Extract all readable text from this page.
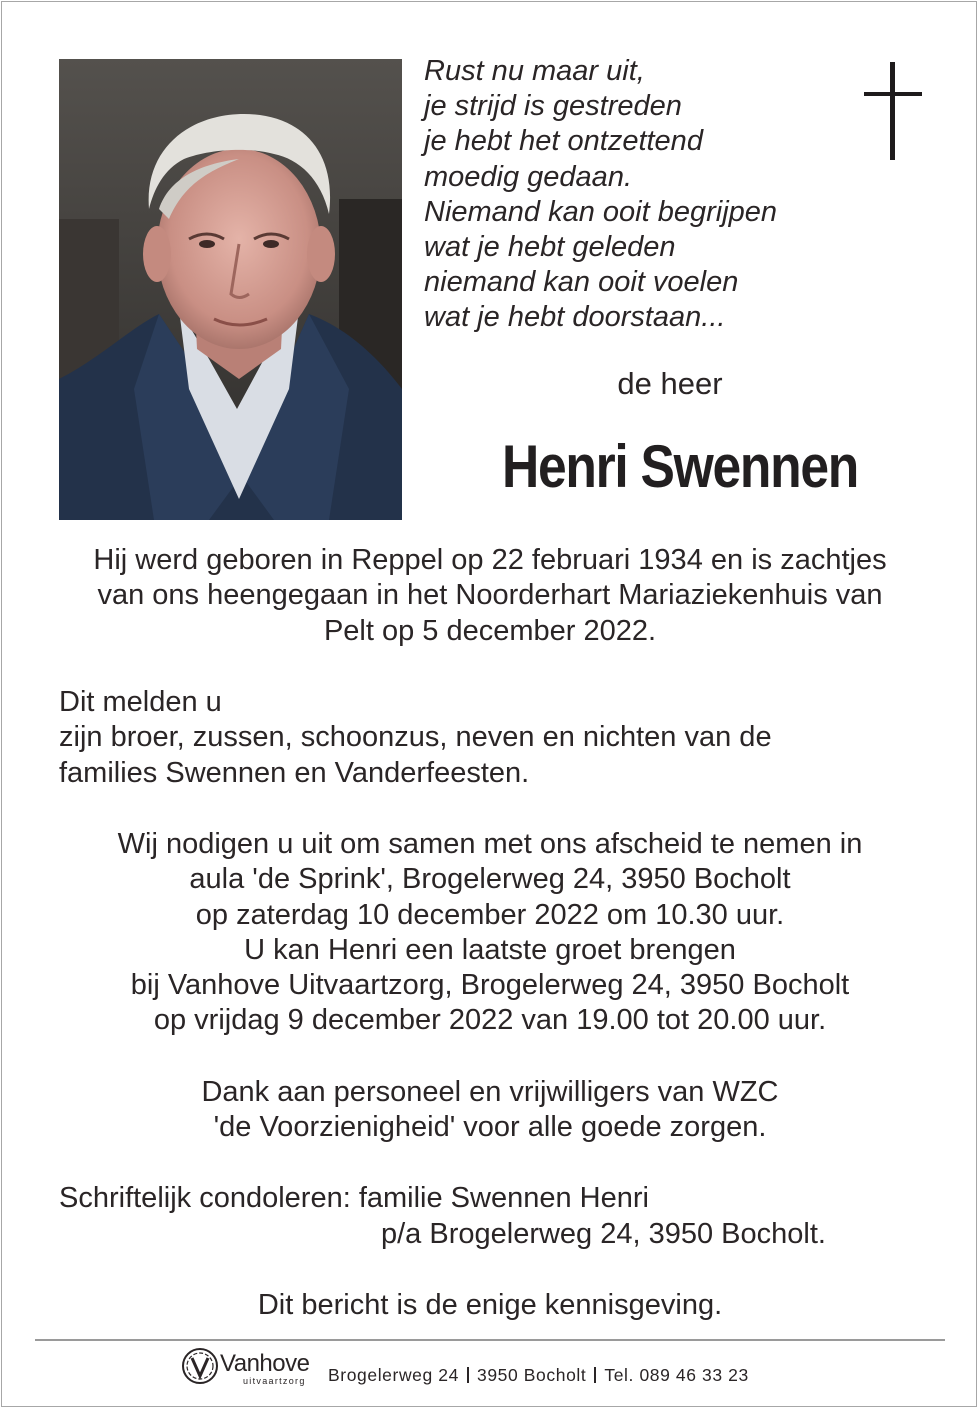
Rust nu maar uit,
je strijd is gestreden
je hebt het ontzettend
moedig gedaan.
Niemand kan ooit begrijpen
wat je hebt geleden
niemand kan ooit voelen
wat je hebt doorstaan...
de heer
Henri Swennen
Hij werd geboren in Reppel op 22 februari 1934 en is zachtjes
van ons heengegaan in het Noorderhart Mariaziekenhuis van
Pelt op 5 december 2022.
Dit melden u
zijn broer, zussen, schoonzus, neven en nichten van de
families Swennen en Vanderfeesten.
Wij nodigen u uit om samen met ons afscheid te nemen in
aula 'de Sprink', Brogelerweg 24, 3950 Bocholt
op zaterdag 10 december 2022 om 10.30 uur.
U kan Henri een laatste groet brengen
bij Vanhove Uitvaartzorg, Brogelerweg 24, 3950 Bocholt
op vrijdag 9 december 2022 van 19.00 tot 20.00 uur.
Dank aan personeel en vrijwilligers van WZC
'de Voorzienigheid' voor alle goede zorgen.
Schriftelijk condoleren: familie Swennen Henri
p/a Brogelerweg 24, 3950 Bocholt.
Dit bericht is de enige kennisgeving.
Vanhove
uitvaartzorg Brogelerweg 24 3950 Bocholt Tel. 089 46 33 23
